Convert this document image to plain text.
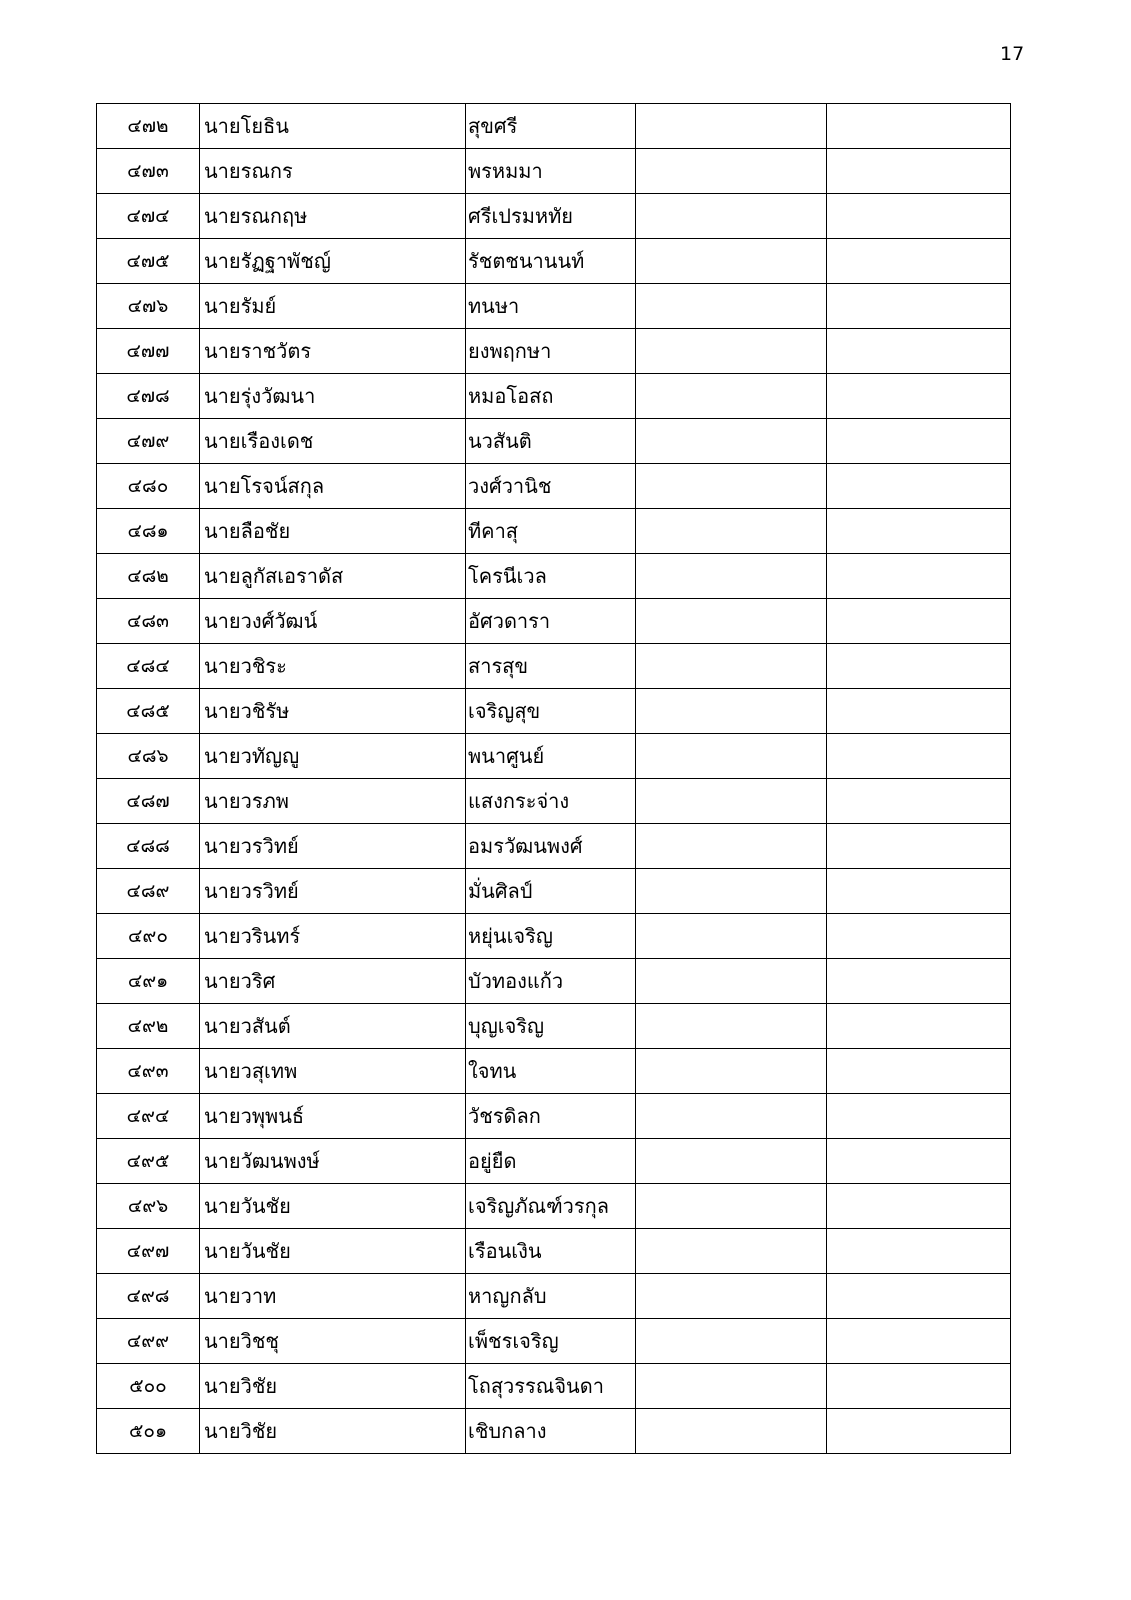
17
๔๗๒	นายโยธิน	สุขศรี		
๔๗๓	นายรณกร	พรหมมา		
๔๗๔	นายรณกฤษ	ศรีเปรมหทัย		
๔๗๕	นายรัฏฐาพัชญ์	รัชตชนานนท์		
๔๗๖	นายรัมย์	ทนษา		
๔๗๗	นายราชวัตร	ยงพฤกษา		
๔๗๘	นายรุ่งวัฒนา	หมอโอสถ		
๔๗๙	นายเรืองเดช	นวสันติ		
๔๘๐	นายโรจน์สกุล	วงศ์วานิช		
๔๘๑	นายลือชัย	ทีคาสุ		
๔๘๒	นายลูกัสเอราดัส	โครนีเวล		
๔๘๓	นายวงศ์วัฒน์	อัศวดารา		
๔๘๔	นายวชิระ	สารสุข		
๔๘๕	นายวชิรัษ	เจริญสุข		
๔๘๖	นายวทัญญู	พนาศูนย์		
๔๘๗	นายวรภพ	แสงกระจ่าง		
๔๘๘	นายวรวิทย์	อมรวัฒนพงศ์		
๔๘๙	นายวรวิทย์	มั่นศิลป์		
๔๙๐	นายวรินทร์	หยุ่นเจริญ		
๔๙๑	นายวริศ	บัวทองแก้ว		
๔๙๒	นายวสันต์	บุญเจริญ		
๔๙๓	นายวสุเทพ	ใจทน		
๔๙๔	นายวพุพนธ์	วัชรดิลก		
๔๙๕	นายวัฒนพงษ์	อยู่ยืด		
๔๙๖	นายวันชัย	เจริญภัณฑ์วรกุล		
๔๙๗	นายวันชัย	เรือนเงิน		
๔๙๘	นายวาท	หาญกลับ		
๔๙๙	นายวิชชุ	เพ็ชรเจริญ		
๕๐๐	นายวิชัย	โถสุวรรณจินดา		
๕๐๑	นายวิชัย	เชิบกลาง		
